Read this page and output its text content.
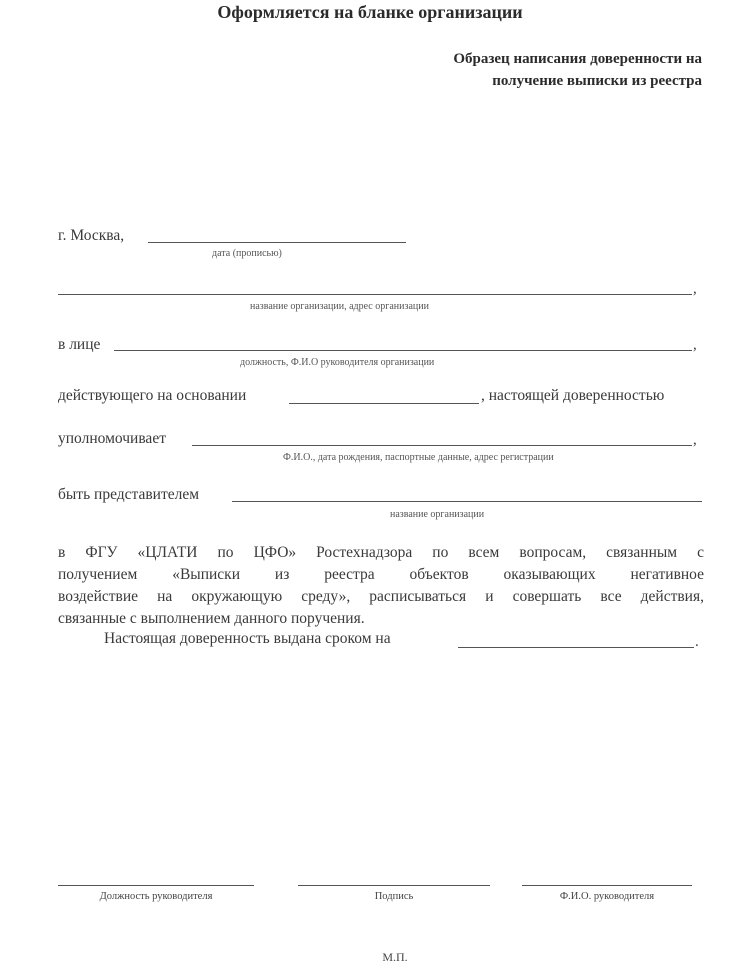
Оформляется на бланке организации
Образец написания доверенности на
получение выписки из реестра
г. Москва,
дата (прописью)
,
название организации, адрес организации
в лице	,
должность, Ф.И.О руководителя организации
действующего на основании	, настоящей доверенностью
уполномочивает	,
Ф.И.О., дата рождения, паспортные данные, адрес регистрации
быть представителем
название организации
в ФГУ «ЦЛАТИ по ЦФО» Ростехнадзора по всем вопросам, связанным с
получением «Выписки из реестра объектов оказывающих негативное
воздействие на окружающую среду», расписываться и совершать все действия,
связанные с выполнением данного поручения.
Настоящая доверенность выдана сроком на	.
Должность руководителя	Подпись	Ф.И.О. руководителя
М.П.
